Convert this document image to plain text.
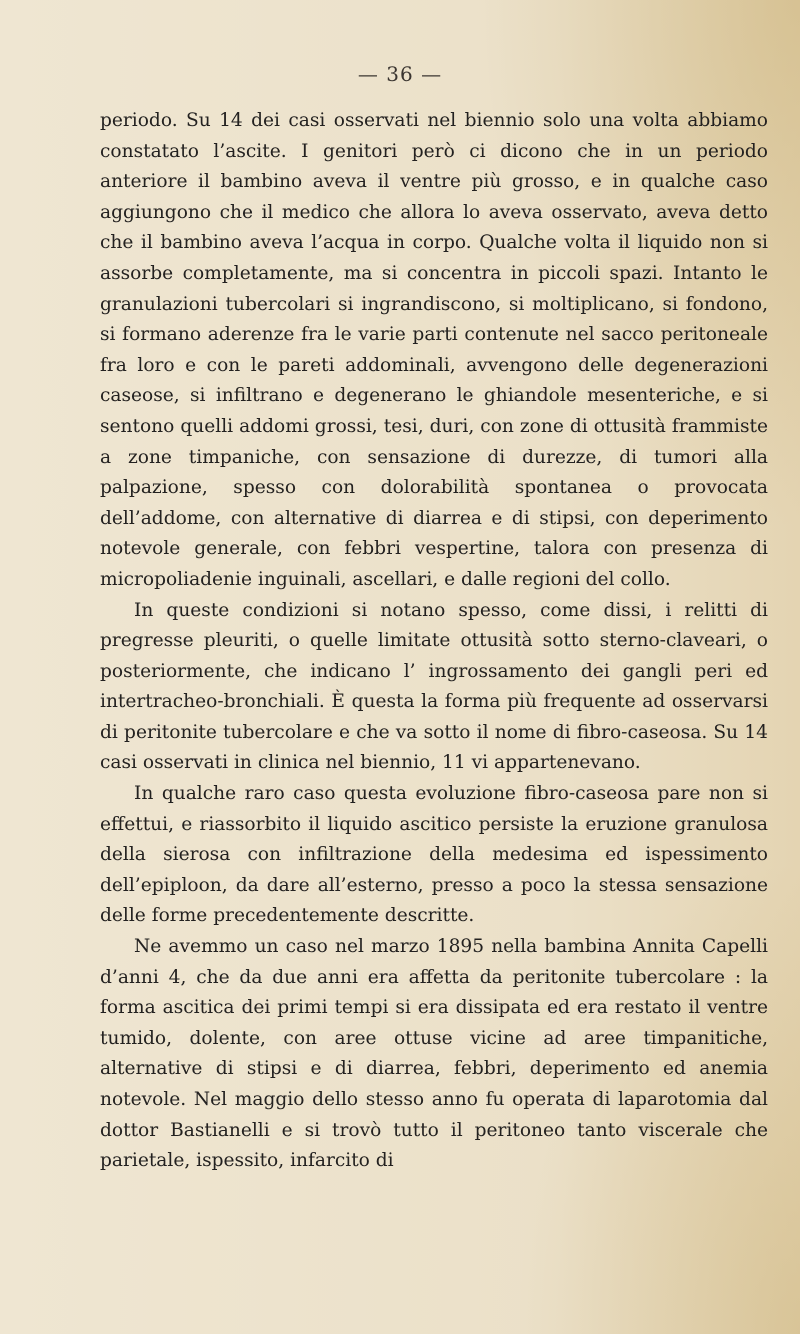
— 36 —

periodo. Su 14 dei casi osservati nel biennio solo una volta abbiamo constatato l’ascite. I genitori però ci dicono che in un periodo anteriore il bambino aveva il ventre più grosso, e in qualche caso aggiungono che il medico che allora lo aveva osservato, aveva detto che il bambino aveva l’acqua in corpo. Qualche volta il liquido non si assorbe completamente, ma si concentra in piccoli spazi. Intanto le granulazioni tubercolari si ingrandiscono, si moltiplicano, si fondono, si formano aderenze fra le varie parti contenute nel sacco peritoneale fra loro e con le pareti addominali, avvengono delle degenerazioni caseose, si infiltrano e degenerano le ghiandole mesenteriche, e si sentono quelli addomi grossi, tesi, duri, con zone di ottusità frammiste a zone timpaniche, con sensazione di durezze, di tumori alla palpazione, spesso con dolorabilità spontanea o provocata dell’addome, con alternative di diarrea e di stipsi, con deperimento notevole generale, con febbri vespertine, talora con presenza di micropoliadenie inguinali, ascellari, e dalle regioni del collo.

In queste condizioni si notano spesso, come dissi, i relitti di pregresse pleuriti, o quelle limitate ottusità sotto sterno-claveari, o posteriormente, che indicano l’ ingrossamento dei gangli peri ed intertracheo-bronchiali. È questa la forma più frequente ad osservarsi di peritonite tubercolare e che va sotto il nome di fibro-caseosa. Su 14 casi osservati in clinica nel biennio, 11 vi appartenevano.

In qualche raro caso questa evoluzione fibro-caseosa pare non si effettui, e riassorbito il liquido ascitico persiste la eruzione granulosa della sierosa con infiltrazione della medesima ed ispessimento dell’epiploon, da dare all’esterno, presso a poco la stessa sensazione delle forme precedentemente descritte.

Ne avemmo un caso nel marzo 1895 nella bambina Annita Capelli d’anni 4, che da due anni era affetta da peritonite tubercolare : la forma ascitica dei primi tempi si era dissipata ed era restato il ventre tumido, dolente, con aree ottuse vicine ad aree timpanitiche, alternative di stipsi e di diarrea, febbri, deperimento ed anemia notevole. Nel maggio dello stesso anno fu operata di laparotomia dal dottor Bastianelli e si trovò tutto il peritoneo tanto viscerale che parietale, ispessito, infarcito di
